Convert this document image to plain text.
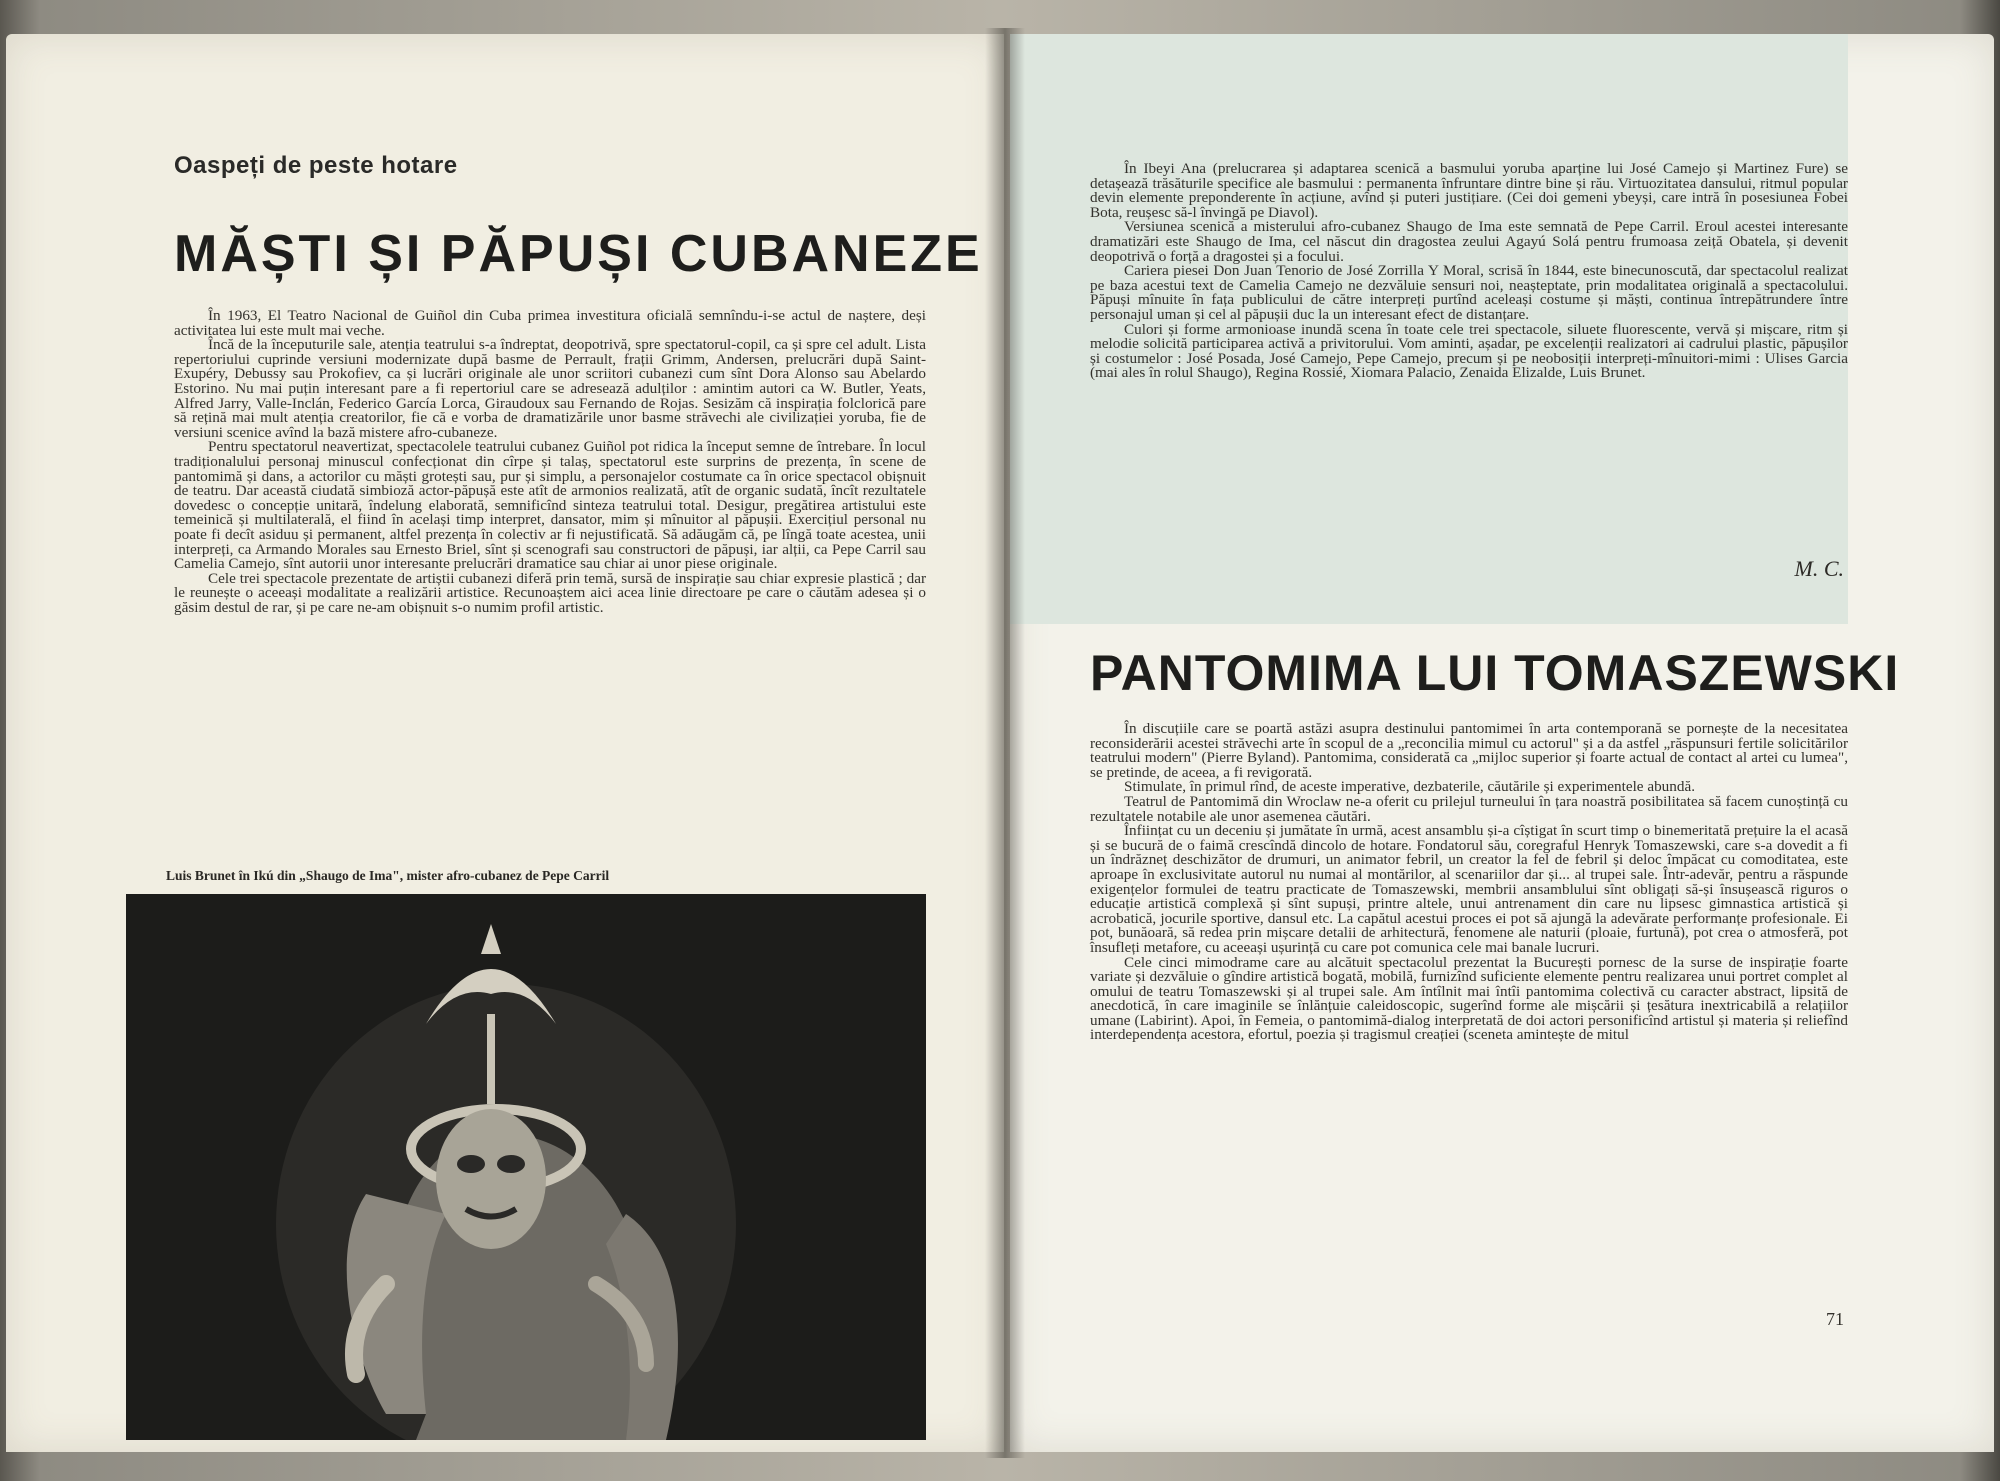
Oaspeți de peste hotare
MĂȘTI ȘI PĂPUȘI CUBANEZE

În 1963, El Teatro Nacional de Guiñol din Cuba primea investitura oficială semnîndu-i-se actul de naștere, deși activitatea lui este mult mai veche.

Încă de la începuturile sale, atenția teatrului s-a îndreptat, deopotrivă, spre spectatorul-copil, ca și spre cel adult. Lista repertoriului cuprinde versiuni modernizate după basme de Perrault, frații Grimm, Andersen, prelucrări după Saint-Exupéry, Debussy sau Prokofiev, ca și lucrări originale ale unor scriitori cubanezi cum sînt Dora Alonso sau Abelardo Estorino. Nu mai puțin interesant pare a fi repertoriul care se adresează adulților : amintim autori ca W. Butler, Yeats, Alfred Jarry, Valle-Inclán, Federico García Lorca, Giraudoux sau Fernando de Rojas. Sesizăm că inspirația folclorică pare să rețină mai mult atenția creatorilor, fie că e vorba de dramatizările unor basme străvechi ale civilizației yoruba, fie de versiuni scenice avînd la bază mistere afro-cubaneze.

Pentru spectatorul neavertizat, spectacolele teatrului cubanez Guiñol pot ridica la început semne de întrebare. În locul tradiționalului personaj minuscul confecționat din cîrpe și talaș, spectatorul este surprins de prezența, în scene de pantomimă și dans, a actorilor cu măști grotești sau, pur și simplu, a personajelor costumate ca în orice spectacol obișnuit de teatru. Dar această ciudată simbioză actor-păpușă este atît de armonios realizată, atît de organic sudată, încît rezultatele dovedesc o concepție unitară, îndelung elaborată, semnificînd sinteza teatrului total. Desigur, pregătirea artistului este temeinică și multilaterală, el fiind în același timp interpret, dansator, mim și mînuitor al păpușii. Exercițiul personal nu poate fi decît asiduu și permanent, altfel prezența în colectiv ar fi nejustificată. Să adăugăm că, pe lîngă toate acestea, unii interpreți, ca Armando Morales sau Ernesto Briel, sînt și scenografi sau constructori de păpuși, iar alții, ca Pepe Carril sau Camelia Camejo, sînt autorii unor interesante prelucrări dramatice sau chiar ai unor piese originale.

Cele trei spectacole prezentate de artiștii cubanezi diferă prin temă, sursă de inspirație sau chiar expresie plastică ; dar le reunește o aceeași modalitate a realizării artistice. Recunoaștem aici acea linie directoare pe care o căutăm adesea și o găsim destul de rar, și pe care ne-am obișnuit s-o numim profil artistic.

Luis Brunet în Ikú din „Shaugo de Ima", mister afro-cubanez de Pepe Carril

În Ibeyi Ana (prelucrarea și adaptarea scenică a basmului yoruba aparține lui José Camejo și Martinez Fure) se detașează trăsăturile specifice ale basmului : permanenta înfruntare dintre bine și rău. Virtuozitatea dansului, ritmul popular devin elemente preponderente în acțiune, avînd și puteri justițiare. (Cei doi gemeni ybeyși, care intră în posesiunea Fobei Bota, reușesc să-l învingă pe Diavol).

Versiunea scenică a misterului afro-cubanez Shaugo de Ima este semnată de Pepe Carril. Eroul acestei interesante dramatizări este Shaugo de Ima, cel născut din dragostea zeului Agayú Solá pentru frumoasa zeiță Obatela, și devenit deopotrivă o forță a dragostei și a focului.

Cariera piesei Don Juan Tenorio de José Zorrilla Y Moral, scrisă în 1844, este binecunoscută, dar spectacolul realizat pe baza acestui text de Camelia Camejo ne dezvăluie sensuri noi, neașteptate, prin modalitatea originală a spectacolului. Păpuși mînuite în fața publicului de către interpreți purtînd aceleași costume și măști, continua întrepătrundere între personajul uman și cel al păpușii duc la un interesant efect de distanțare.

Culori și forme armonioase inundă scena în toate cele trei spectacole, siluete fluorescente, vervă și mișcare, ritm și melodie solicită participarea activă a privitorului. Vom aminti, așadar, pe excelenții realizatori ai cadrului plastic, păpușilor și costumelor : José Posada, José Camejo, Pepe Camejo, precum și pe neobosiții interpreți-mînuitori-mimi : Ulises Garcia (mai ales în rolul Shaugo), Regina Rossié, Xiomara Palacio, Zenaida Elizalde, Luis Brunet.

M. C.
PANTOMIMA LUI TOMASZEWSKI

În discuțiile care se poartă astăzi asupra destinului pantomimei în arta contemporană se pornește de la necesitatea reconsiderării acestei străvechi arte în scopul de a „reconcilia mimul cu actorul" și a da astfel „răspunsuri fertile solicitărilor teatrului modern" (Pierre Byland). Pantomima, considerată ca „mijloc superior și foarte actual de contact al artei cu lumea", se pretinde, de aceea, a fi revigorată.

Stimulate, în primul rînd, de aceste imperative, dezbaterile, căutările și experimentele abundă.

Teatrul de Pantomimă din Wroclaw ne-a oferit cu prilejul turneului în țara noastră posibilitatea să facem cunoștință cu rezultatele notabile ale unor asemenea căutări.

Înființat cu un deceniu și jumătate în urmă, acest ansamblu și-a cîștigat în scurt timp o binemeritată prețuire la el acasă și se bucură de o faimă crescîndă dincolo de hotare. Fondatorul său, coregraful Henryk Tomaszewski, care s-a dovedit a fi un îndrăzneț deschizător de drumuri, un animator febril, un creator la fel de febril și deloc împăcat cu comoditatea, este aproape în exclusivitate autorul nu numai al montărilor, al scenariilor dar și... al trupei sale. Într-adevăr, pentru a răspunde exigențelor formulei de teatru practicate de Tomaszewski, membrii ansamblului sînt obligați să-și însușească riguros o educație artistică complexă și sînt supuși, printre altele, unui antrenament din care nu lipsesc gimnastica artistică și acrobatică, jocurile sportive, dansul etc. La capătul acestui proces ei pot să ajungă la adevărate performanțe profesionale. Ei pot, bunăoară, să redea prin mișcare detalii de arhitectură, fenomene ale naturii (ploaie, furtună), pot crea o atmosferă, pot însufleți metafore, cu aceeași ușurință cu care pot comunica cele mai banale lucruri.

Cele cinci mimodrame care au alcătuit spectacolul prezentat la București pornesc de la surse de inspirație foarte variate și dezvăluie o gîndire artistică bogată, mobilă, furnizînd suficiente elemente pentru realizarea unui portret complet al omului de teatru Tomaszewski și al trupei sale. Am întîlnit mai întîi pantomima colectivă cu caracter abstract, lipsită de anecdotică, în care imaginile se înlănțuie caleidoscopic, sugerînd forme ale mișcării și țesătura inextricabilă a relațiilor umane (Labirint). Apoi, în Femeia, o pantomimă-dialog interpretată de doi actori personificînd artistul și materia și reliefînd interdependența acestora, efortul, poezia și tragismul creației (sceneta amintește de mitul

71
